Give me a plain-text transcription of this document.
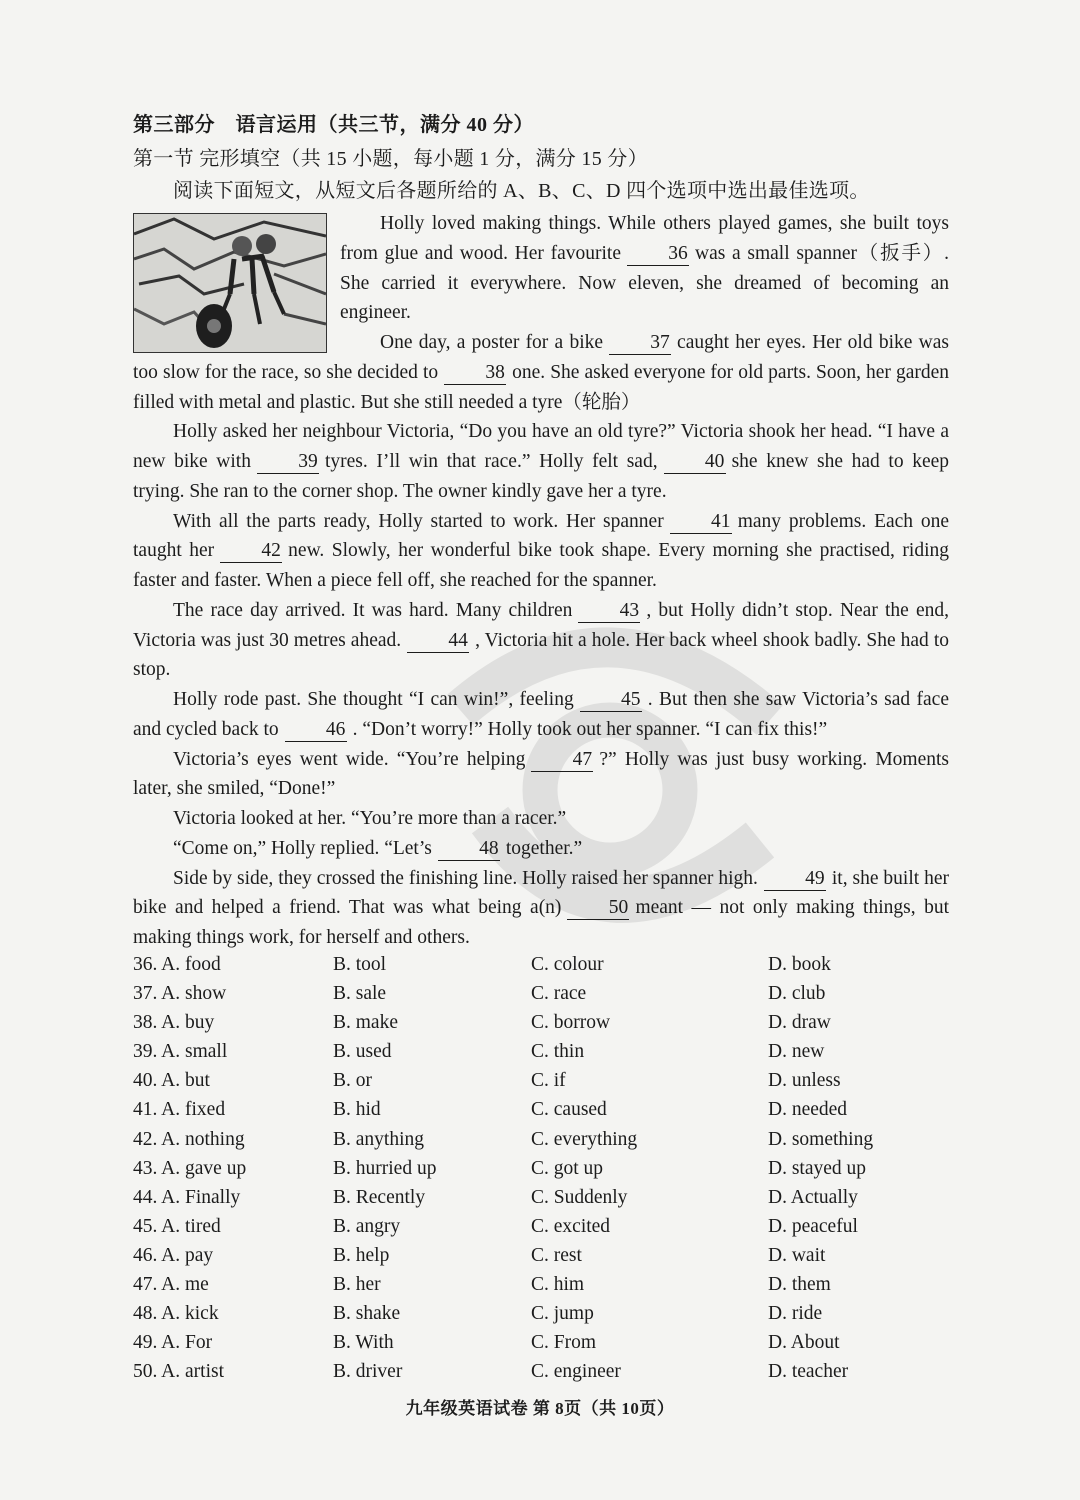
第三部分　语言运用（共三节，满分 40 分）
第一节 完形填空（共 15 小题，每小题 1 分，满分 15 分）
阅读下面短文，从短文后各题所给的 A、B、C、D 四个选项中选出最佳选项。

Holly loved making things. While others played games, she built toys from glue and wood. Her favourite 36 was a small spanner（扳手）. She carried it everywhere. Now eleven, she dreamed of becoming an engineer.

One day, a poster for a bike 37 caught her eyes. Her old bike was too slow for the race, so she decided to 38 one. She asked everyone for old parts. Soon, her garden filled with metal and plastic. But she still needed a tyre（轮胎）

Holly asked her neighbour Victoria, “Do you have an old tyre?” Victoria shook her head. “I have a new bike with 39 tyres. I’ll win that race.” Holly felt sad, 40 she knew she had to keep trying. She ran to the corner shop. The owner kindly gave her a tyre.

With all the parts ready, Holly started to work. Her spanner 41 many problems. Each one taught her 42 new. Slowly, her wonderful bike took shape. Every morning she practised, riding faster and faster. When a piece fell off, she reached for the spanner.

The race day arrived. It was hard. Many children 43 , but Holly didn’t stop. Near the end, Victoria was just 30 metres ahead. 44 , Victoria hit a hole. Her back wheel shook badly. She had to stop.

Holly rode past. She thought “I can win!”, feeling 45 . But then she saw Victoria’s sad face and cycled back to 46 . “Don’t worry!” Holly took out her spanner. “I can fix this!”

Victoria’s eyes went wide. “You’re helping 47 ?” Holly was just busy working. Moments later, she smiled, “Done!”

Victoria looked at her. “You’re more than a racer.”

“Come on,” Holly replied. “Let’s 48 together.”

Side by side, they crossed the finishing line. Holly raised her spanner high. 49 it, she built her bike and helped a friend. That was what being a(n) 50 meant — not only making things, but making things work, for herself and others.

36. A. food	B. tool	C. colour	D. book
37. A. show	B. sale	C. race	D. club
38. A. buy	B. make	C. borrow	D. draw
39. A. small	B. used	C. thin	D. new
40. A. but	B. or	C. if	D. unless
41. A. fixed	B. hid	C. caused	D. needed
42. A. nothing	B. anything	C. everything	D. something
43. A. gave up	B. hurried up	C. got up	D. stayed up
44. A. Finally	B. Recently	C. Suddenly	D. Actually
45. A. tired	B. angry	C. excited	D. peaceful
46. A. pay	B. help	C. rest	D. wait
47. A. me	B. her	C. him	D. them
48. A. kick	B. shake	C. jump	D. ride
49. A. For	B. With	C. From	D. About
50. A. artist	B. driver	C. engineer	D. teacher
九年级英语试卷 第 8页（共 10页）
